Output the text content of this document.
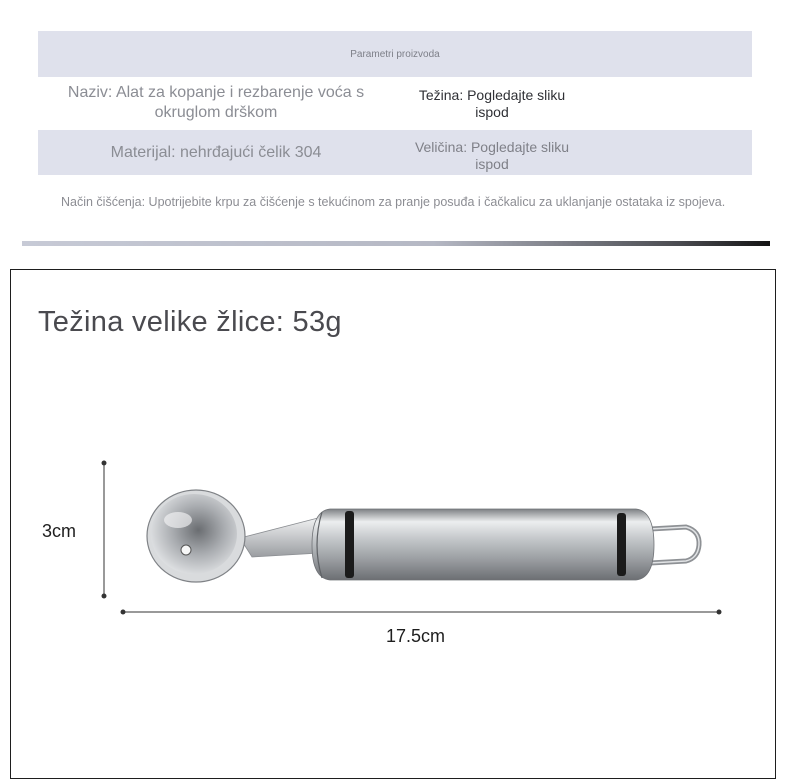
Parametri proizvoda
Naziv: Alat za kopanje i rezbarenje voća s okruglom drškom
Težina: Pogledajte sliku ispod
Materijal: nehrđajući čelik 304	Veličina: Pogledajte sliku ispod
Način čišćenja: Upotrijebite krpu za čišćenje s tekućinom za pranje posuđa i čačkalicu za uklanjanje ostataka iz spojeva.
Težina velike žlice: 53g
3cm
17.5cm
